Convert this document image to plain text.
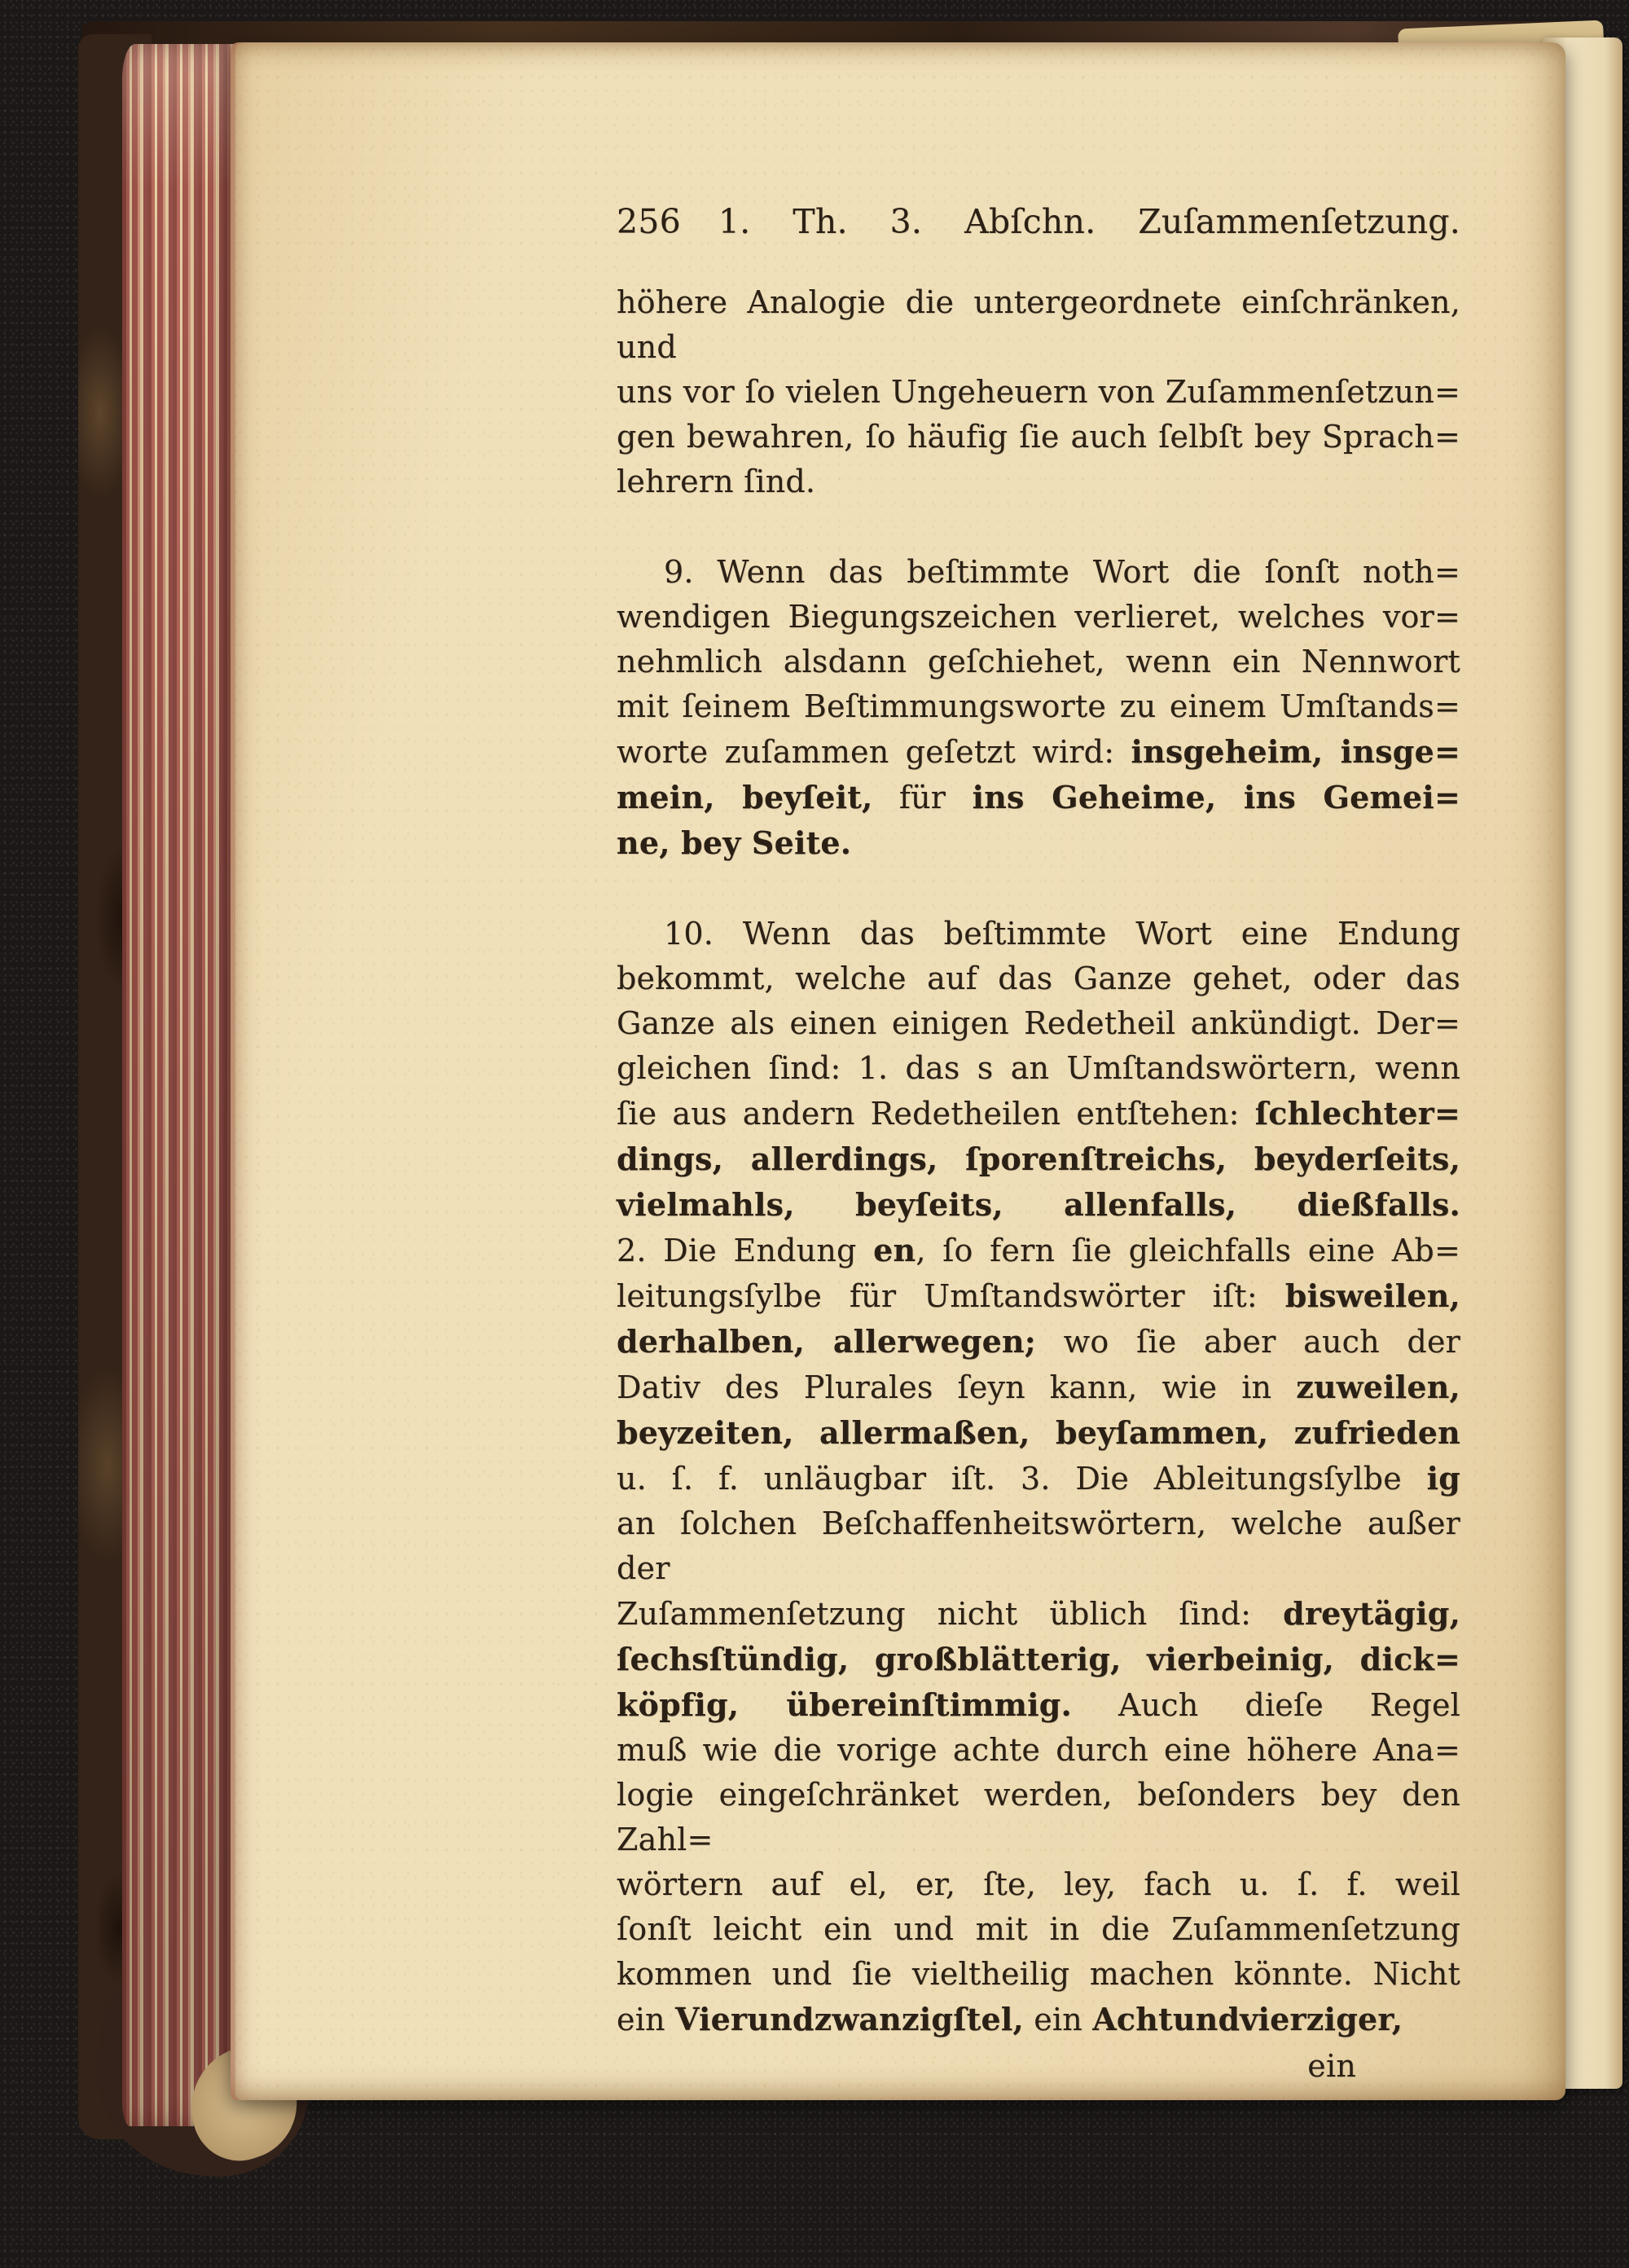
256 1. Th. 3. Abſchn. Zuſammenſetzung.
höhere Analogie die untergeordnete einſchränken, und
uns vor ſo vielen Ungeheuern von Zuſammenſetzun=
gen bewahren, ſo häufig ſie auch ſelbſt bey Sprach=
lehrern ſind.
9. Wenn das beſtimmte Wort die ſonſt noth=
wendigen Biegungszeichen verlieret, welches vor=
nehmlich alsdann geſchiehet, wenn ein Nennwort
mit ſeinem Beſtimmungsworte zu einem Umſtands=
worte zuſammen geſetzt wird: insgeheim, insge=
mein, beyſeit, für ins Geheime, ins Gemei=
ne, bey Seite.
10. Wenn das beſtimmte Wort eine Endung
bekommt, welche auf das Ganze gehet, oder das
Ganze als einen einigen Redetheil ankündigt. Der=
gleichen ſind: 1. das s an Umſtandswörtern, wenn
ſie aus andern Redetheilen entſtehen: ſchlechter=
dings, allerdings, ſporenſtreichs, beyderſeits,
vielmahls, beyſeits, allenfalls, dießfalls.
2. Die Endung en, ſo fern ſie gleichfalls eine Ab=
leitungsſylbe für Umſtandswörter iſt: bisweilen,
derhalben, allerwegen; wo ſie aber auch der
Dativ des Plurales ſeyn kann, wie in zuweilen,
beyzeiten, allermaßen, beyſammen, zufrieden
u. ſ. f. unläugbar iſt. 3. Die Ableitungsſylbe ig
an ſolchen Beſchaffenheitswörtern, welche außer der
Zuſammenſetzung nicht üblich ſind: dreytägig,
ſechsſtündig, großblätterig, vierbeinig, dick=
köpfig, übereinſtimmig. Auch dieſe Regel
muß wie die vorige achte durch eine höhere Ana=
logie eingeſchränket werden, beſonders bey den Zahl=
wörtern auf el, er, ſte, ley, fach u. ſ. f. weil
ſonſt leicht ein und mit in die Zuſammenſetzung
kommen und ſie vieltheilig machen könnte. Nicht
ein Vierundzwanzigſtel, ein Achtundvierziger,
ein
